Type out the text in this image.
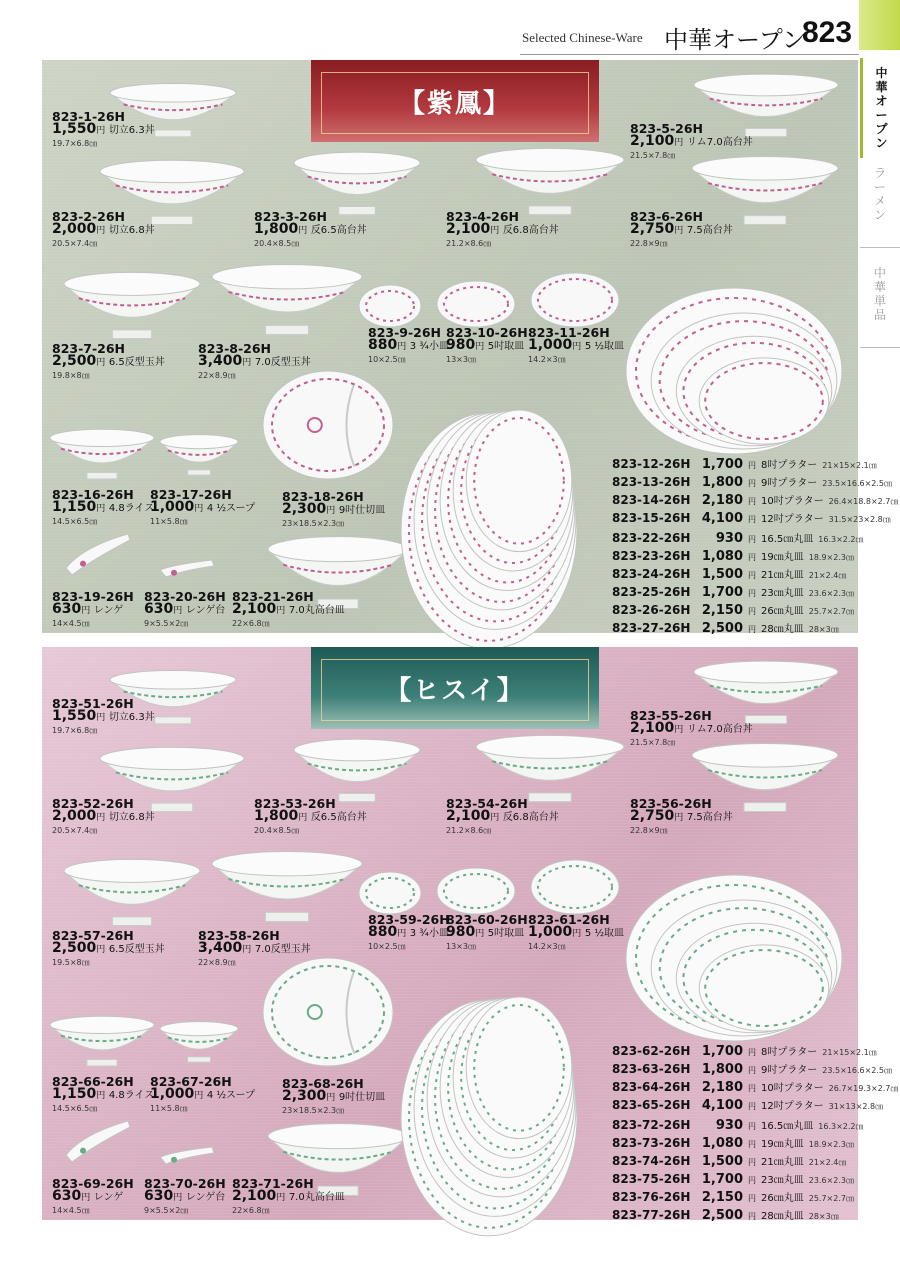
Selected Chinese-Ware 中華オープン
823
中
華
オ
ー
プ
ン
ラ
ー
メ
ン
中
華
単
品
【紫鳳】
823-1-26H
1,550円 切立6.3丼
19.7×6.8㎝
823-5-26H
2,100円 リム7.0高台丼
21.5×7.8㎝
823-2-26H
2,000円 切立6.8丼
20.5×7.4㎝
823-3-26H
1,800円 反6.5高台丼
20.4×8.5㎝
823-4-26H
2,100円 反6.8高台丼
21.2×8.6㎝
823-6-26H
2,750円 7.5高台丼
22.8×9㎝
823-7-26H
2,500円 6.5反型玉丼
19.8×8㎝
823-8-26H
3,400円 7.0反型玉丼
22×8.9㎝
823-9-26H
880円 3 ¾小皿
10×2.5㎝
823-10-26H
980円 5吋取皿
13×3㎝
823-11-26H
1,000円 5 ½取皿
14.2×3㎝
823-16-26H
1,150円 4.8ライス
14.5×6.5㎝
823-17-26H
1,000円 4 ½スープ
11×5.8㎝
823-18-26H
2,300円 9吋仕切皿
23×18.5×2.3㎝
823-19-26H
630円 レンゲ
14×4.5㎝
823-20-26H
630円 レンゲ台
9×5.5×2㎝
823-21-26H
2,100円 7.0丸高台皿
22×6.8㎝
823-12-26H 1,700 円 8吋プラター 21×15×2.1㎝
823-13-26H 1,800 円 9吋プラター 23.5×16.6×2.5㎝
823-14-26H 2,180 円 10吋プラター 26.4×18.8×2.7㎝
823-15-26H 4,100 円 12吋プラター 31.5×23×2.8㎝
823-22-26H	930 円 16.5㎝丸皿 16.3×2.2㎝
823-23-26H 1,080 円 19㎝丸皿 18.9×2.3㎝
823-24-26H 1,500 円 21㎝丸皿 21×2.4㎝
823-25-26H 1,700 円 23㎝丸皿 23.6×2.3㎝
823-26-26H 2,150 円 26㎝丸皿 25.7×2.7㎝
823-27-26H 2,500 円 28㎝丸皿 28×3㎝
【ヒスイ】
823-51-26H
1,550円 切立6.3丼
19.7×6.8㎝
823-55-26H
2,100円 リム7.0高台丼
21.5×7.8㎝
823-52-26H
2,000円 切立6.8丼
20.5×7.4㎝
823-53-26H
1,800円 反6.5高台丼
20.4×8.5㎝
823-54-26H
2,100円 反6.8高台丼
21.2×8.6㎝
823-56-26H
2,750円 7.5高台丼
22.8×9㎝
823-57-26H
2,500円 6.5反型玉丼
19.5×8㎝
823-58-26H
3,400円 7.0反型玉丼
22×8.9㎝
823-59-26H
880円 3 ¾小皿
10×2.5㎝
823-60-26H
980円 5吋取皿
13×3㎝
823-61-26H
1,000円 5 ½取皿
14.2×3㎝
823-66-26H
1,150円 4.8ライス
14.5×6.5㎝
823-67-26H
1,000円 4 ½スープ
11×5.8㎝
823-68-26H
2,300円 9吋仕切皿
23×18.5×2.3㎝
823-69-26H
630円 レンゲ
14×4.5㎝
823-70-26H
630円 レンゲ台
9×5.5×2㎝
823-71-26H
2,100円 7.0丸高台皿
22×6.8㎝
823-62-26H 1,700 円 8吋プラター 21×15×2.1㎝
823-63-26H 1,800 円 9吋プラター 23.5×16.6×2.5㎝
823-64-26H 2,180 円 10吋プラター 26.7×19.3×2.7㎝
823-65-26H 4,100 円 12吋プラター 31×13×2.8㎝
823-72-26H	930 円 16.5㎝丸皿 16.3×2.2㎝
823-73-26H 1,080 円 19㎝丸皿 18.9×2.3㎝
823-74-26H 1,500 円 21㎝丸皿 21×2.4㎝
823-75-26H 1,700 円 23㎝丸皿 23.6×2.3㎝
823-76-26H 2,150 円 26㎝丸皿 25.7×2.7㎝
823-77-26H 2,500 円 28㎝丸皿 28×3㎝
